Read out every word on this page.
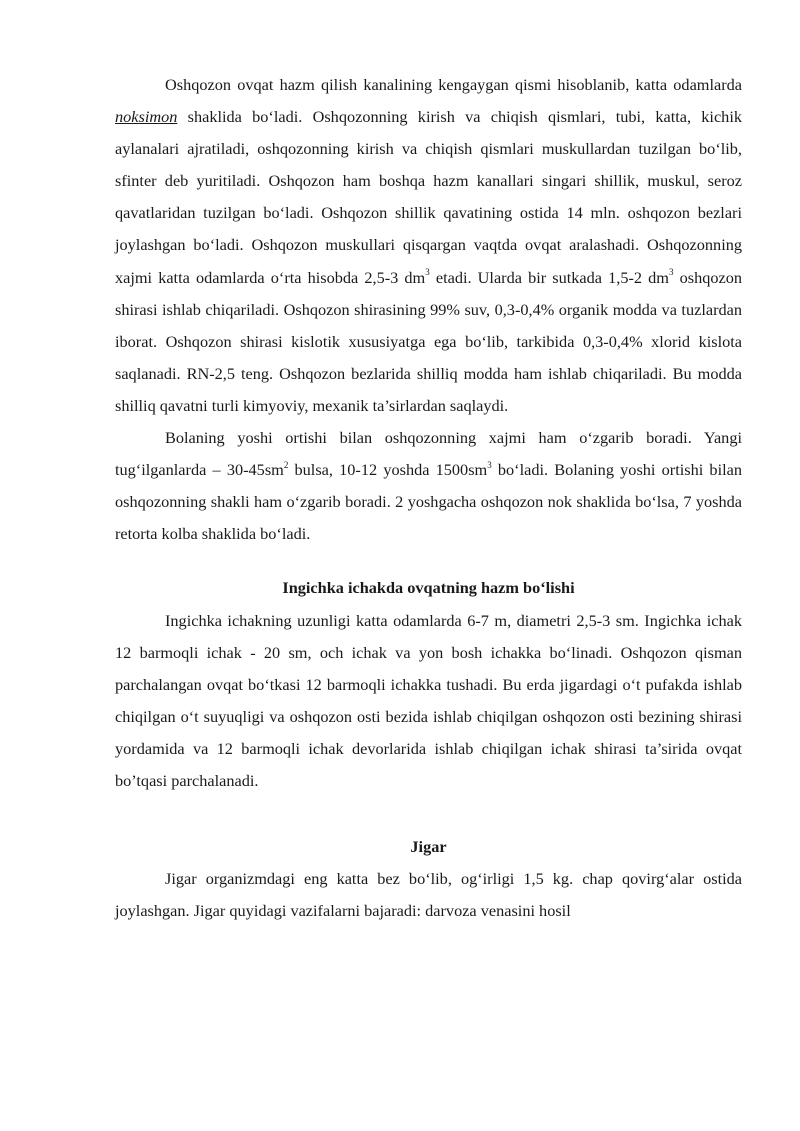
Oshqozon ovqat hazm qilish kanalining kengaygan qismi hisoblanib, katta odamlarda noksimon shaklida bo‘ladi. Oshqozonning kirish va chiqish qismlari, tubi, katta, kichik aylanalari ajratiladi, oshqozonning kirish va chiqish qismlari muskullardan tuzilgan bo‘lib, sfinter deb yuritiladi. Oshqozon ham boshqa hazm kanallari singari shillik, muskul, seroz qavatlaridan tuzilgan bo‘ladi. Oshqozon shillik qavatining ostida 14 mln. oshqozon bezlari joylashgan bo‘ladi. Oshqozon muskullari qisqargan vaqtda ovqat aralashadi. Oshqozonning xajmi katta odamlarda o‘rta hisobda 2,5-3 $dm^3$ etadi. Ularda bir sutkada 1,5-2 $dm^3$ oshqozon shirasi ishlab chiqariladi. Oshqozon shirasining 99% suv, 0,3-0,4% organik modda va tuzlardan iborat. Oshqozon shirasi kislotik xususiyatga ega bo‘lib, tarkibida 0,3-0,4% xlorid kislota saqlanadi. RN-2,5 teng. Oshqozon bezlarida shilliq modda ham ishlab chiqariladi. Bu modda shilliq qavatni turli kimyoviy, mexanik ta’sirlardan saqlaydi.

Bolaning yoshi ortishi bilan oshqozonning xajmi ham o‘zgarib boradi. Yangi tug‘ilganlarda – $30-45sm^2$ bulsa, 10-12 yoshda $1500sm^3$ bo‘ladi. Bolaning yoshi ortishi bilan oshqozonning shakli ham o‘zgarib boradi. 2 yoshgacha oshqozon nok shaklida bo‘lsa, 7 yoshda retorta kolba shaklida bo‘ladi.

Ingichka ichakda ovqatning hazm bo‘lishi

Ingichka ichakning uzunligi katta odamlarda 6-7 m, diametri 2,5-3 sm. Ingichka ichak 12 barmoqli ichak - 20 sm, och ichak va yon bosh ichakka bo‘linadi. Oshqozon qisman parchalangan ovqat bo‘tkasi 12 barmoqli ichakka tushadi. Bu erda jigardagi o‘t pufakda ishlab chiqilgan o‘t suyuqligi va oshqozon osti bezida ishlab chiqilgan oshqozon osti bezining shirasi yordamida va 12 barmoqli ichak devorlarida ishlab chiqilgan ichak shirasi ta’sirida ovqat bo’tqasi parchalanadi.

Jigar

Jigar organizmdagi eng katta bez bo‘lib, og‘irligi 1,5 kg. chap qovirg‘alar ostida joylashgan. Jigar quyidagi vazifalarni bajaradi: darvoza venasini hosil
